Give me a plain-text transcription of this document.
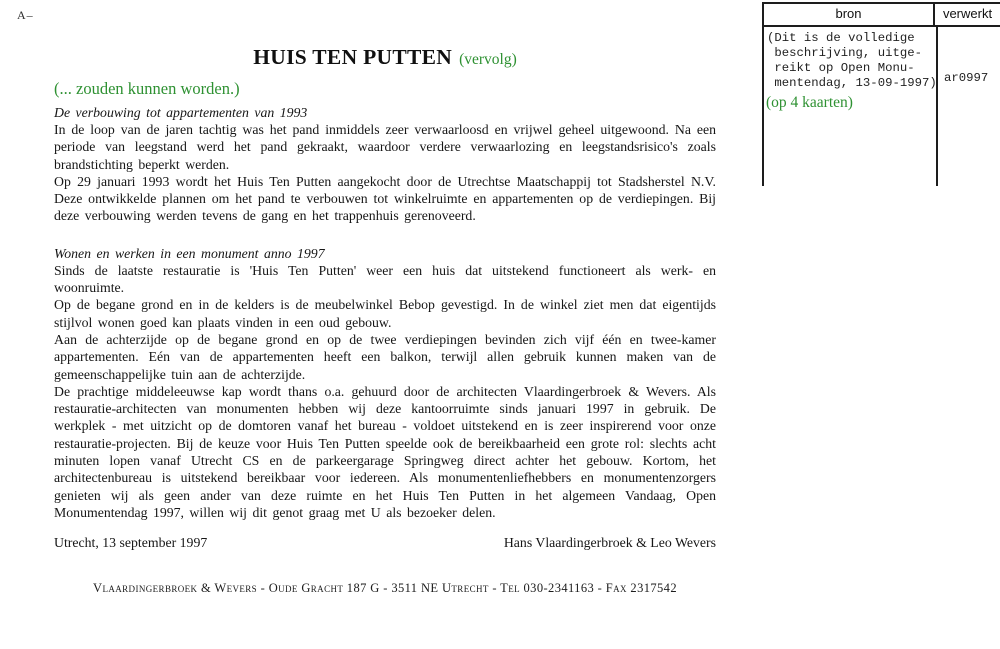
A–
HUIS TEN PUTTEN (vervolg)
(... zouden kunnen worden.)
De verbouwing tot appartementen van 1993

In de loop van de jaren tachtig was het pand inmiddels zeer verwaarloosd en vrijwel geheel uitgewoond. Na een periode van leegstand werd het pand gekraakt, waardoor verdere verwaarlozing en leegstandsrisico's zoals brandstichting beperkt werden.

Op 29 januari 1993 wordt het Huis Ten Putten aangekocht door de Utrechtse Maatschappij tot Stadsherstel N.V. Deze ontwikkelde plannen om het pand te verbouwen tot winkelruimte en appartementen op de verdiepingen. Bij deze verbouwing werden tevens de gang en het trappenhuis gerenoveerd.

Wonen en werken in een monument anno 1997

Sinds de laatste restauratie is 'Huis Ten Putten' weer een huis dat uitstekend functioneert als werk- en woonruimte.

Op de begane grond en in de kelders is de meubelwinkel Bebop gevestigd. In de winkel ziet men dat eigentijds stijlvol wonen goed kan plaats vinden in een oud gebouw.

Aan de achterzijde op de begane grond en op de twee verdiepingen bevinden zich vijf één en twee-kamer appartementen. Eén van de appartementen heeft een balkon, terwijl allen gebruik kunnen maken van de gemeenschappelijke tuin aan de achterzijde.

De prachtige middeleeuwse kap wordt thans o.a. gehuurd door de architecten Vlaardingerbroek & Wevers. Als restauratie-architecten van monumenten hebben wij deze kantoorruimte sinds januari 1997 in gebruik. De werkplek - met uitzicht op de domtoren vanaf het bureau - voldoet uitstekend en is zeer inspirerend voor onze restauratie-projecten. Bij de keuze voor Huis Ten Putten speelde ook de bereikbaarheid een grote rol: slechts acht minuten lopen vanaf Utrecht CS en de parkeergarage Springweg direct achter het gebouw. Kortom, het architectenbureau is uitstekend bereikbaar voor iedereen. Als monumentenliefhebbers en monumentenzorgers genieten wij als geen ander van deze ruimte en het Huis Ten Putten in het algemeen Vandaag, Open Monumentendag 1997, willen wij dit genot graag met U als bezoeker delen.

Utrecht, 13 september 1997	Hans Vlaardingerbroek & Leo Wevers
Vlaardingerbroek & Wevers - Oude Gracht 187 G - 3511 NE Utrecht - Tel 030-2341163 - Fax 2317542
bron	verwerkt
(Dit is de volledige
beschrijving, uitge-
reikt op Open Monu-
mentendag, 13-09-1997)
(op 4 kaarten)
ar0997
